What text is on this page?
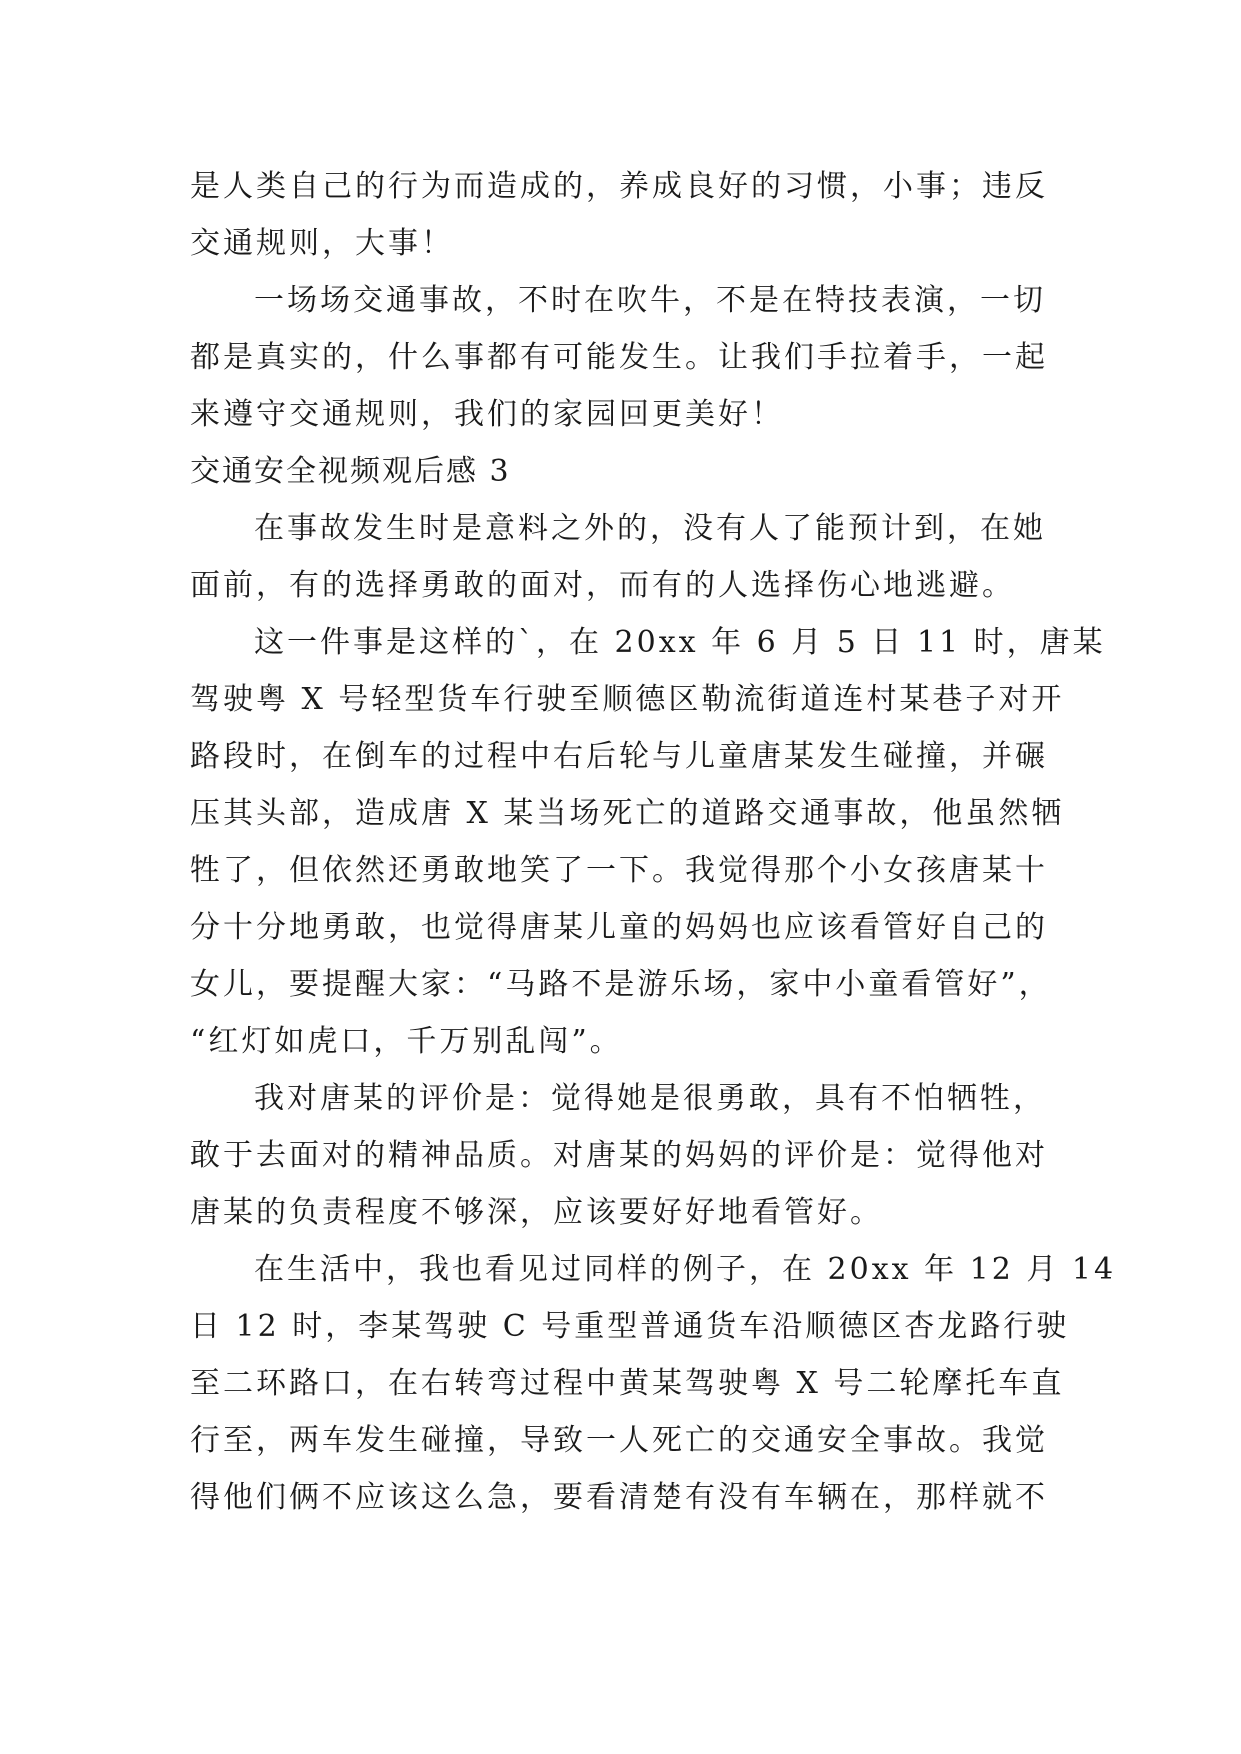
是人类自己的行为而造成的，养成良好的习惯，小事；违反
交通规则，大事！
一场场交通事故，不时在吹牛，不是在特技表演，一切
都是真实的，什么事都有可能发生。让我们手拉着手，一起
来遵守交通规则，我们的家园回更美好！
交通安全视频观后感 3
在事故发生时是意料之外的，没有人了能预计到，在她
面前，有的选择勇敢的面对，而有的人选择伤心地逃避。
这一件事是这样的`，在 20xx 年 6 月 5 日 11 时，唐某
驾驶粤 X 号轻型货车行驶至顺德区勒流街道连村某巷子对开
路段时，在倒车的过程中右后轮与儿童唐某发生碰撞，并碾
压其头部，造成唐 X 某当场死亡的道路交通事故，他虽然牺
牲了，但依然还勇敢地笑了一下。我觉得那个小女孩唐某十
分十分地勇敢，也觉得唐某儿童的妈妈也应该看管好自己的
女儿，要提醒大家：“马路不是游乐场，家中小童看管好”，
“红灯如虎口，千万别乱闯”。
我对唐某的评价是：觉得她是很勇敢，具有不怕牺牲，
敢于去面对的精神品质。对唐某的妈妈的评价是：觉得他对
唐某的负责程度不够深，应该要好好地看管好。
在生活中，我也看见过同样的例子，在 20xx 年 12 月 14
日 12 时，李某驾驶 C 号重型普通货车沿顺德区杏龙路行驶
至二环路口，在右转弯过程中黄某驾驶粤 X 号二轮摩托车直
行至，两车发生碰撞，导致一人死亡的交通安全事故。我觉
得他们俩不应该这么急，要看清楚有没有车辆在，那样就不
